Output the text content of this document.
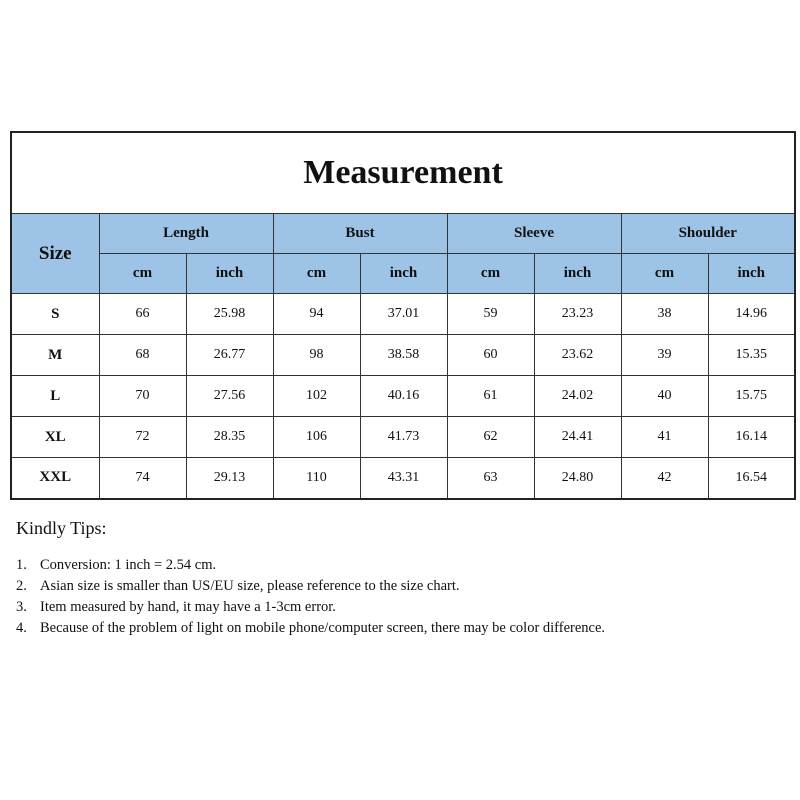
Measurement								
Size	Length		Bust		Sleeve		Shoulder	
	cm	inch	cm	inch	cm	inch	cm	inch
S	66	25.98	94	37.01	59	23.23	38	14.96
M	68	26.77	98	38.58	60	23.62	39	15.35
L	70	27.56	102	40.16	61	24.02	40	15.75
XL	72	28.35	106	41.73	62	24.41	41	16.14
XXL	74	29.13	110	43.31	63	24.80	42	16.54

Kindly Tips:

1. Conversion: 1 inch = 2.54 cm.
2. Asian size is smaller than US/EU size, please reference to the size chart.
3. Item measured by hand, it may have a 1-3cm error.
4. Because of the problem of light on mobile phone/computer screen, there may be color difference.
